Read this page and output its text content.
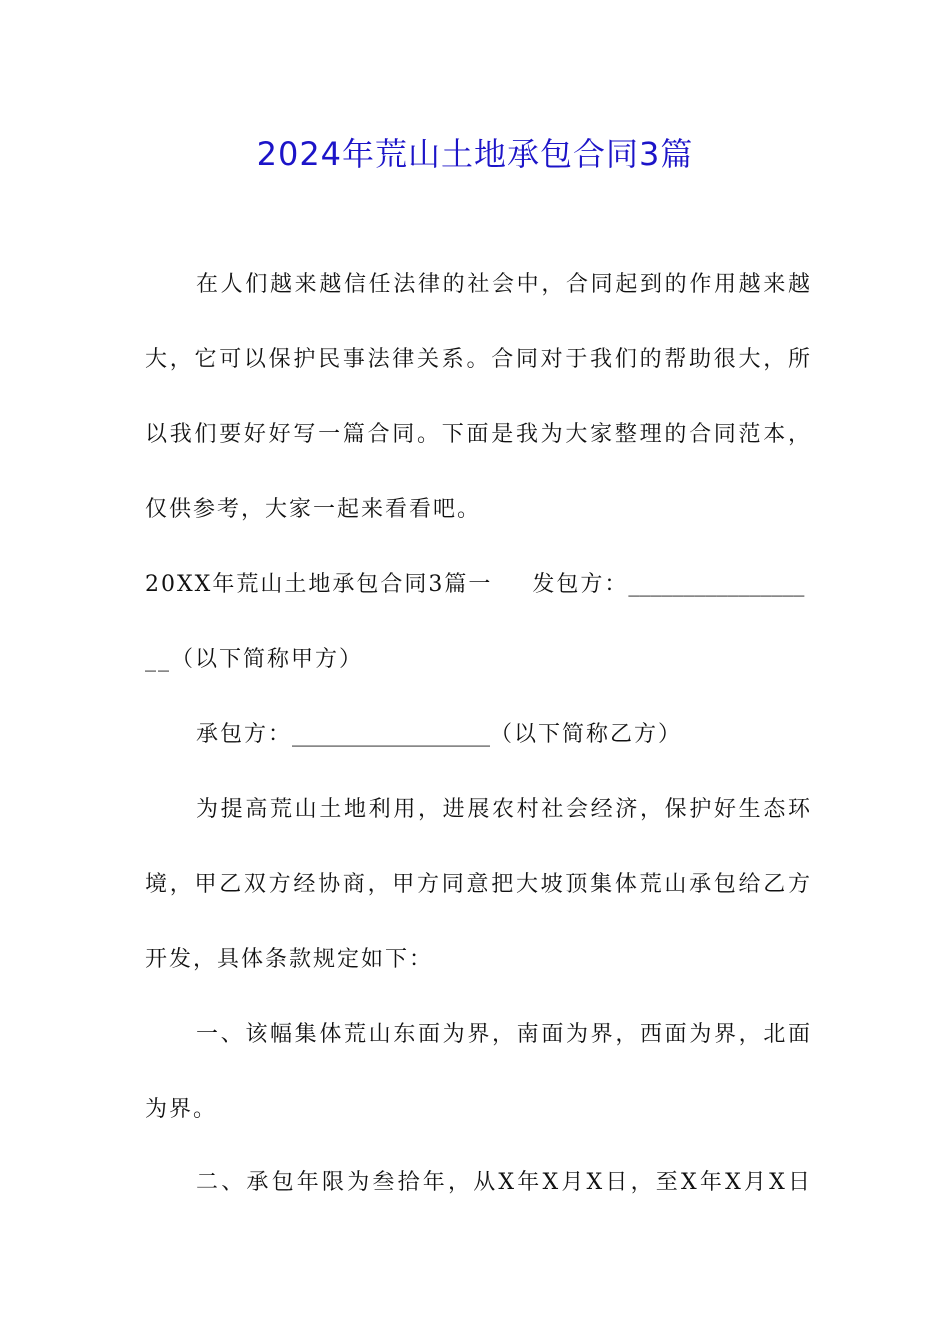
2024年荒山土地承包合同3篇
在人们越来越信任法律的社会中，合同起到的作用越来越
大，它可以保护民事法律关系。合同对于我们的帮助很大，所
以我们要好好写一篇合同。下面是我为大家整理的合同范本，
仅供参考，大家一起来看看吧。
20XX年荒山土地承包合同3篇一 发包方：________________
__（以下简称甲方）
承包方：__________________（以下简称乙方）
为提高荒山土地利用，进展农村社会经济，保护好生态环
境，甲乙双方经协商，甲方同意把大坡顶集体荒山承包给乙方
开发，具体条款规定如下：
一、该幅集体荒山东面为界，南面为界，西面为界，北面
为界。
二、承包年限为叁拾年，从X年X月X日，至X年X月X日
